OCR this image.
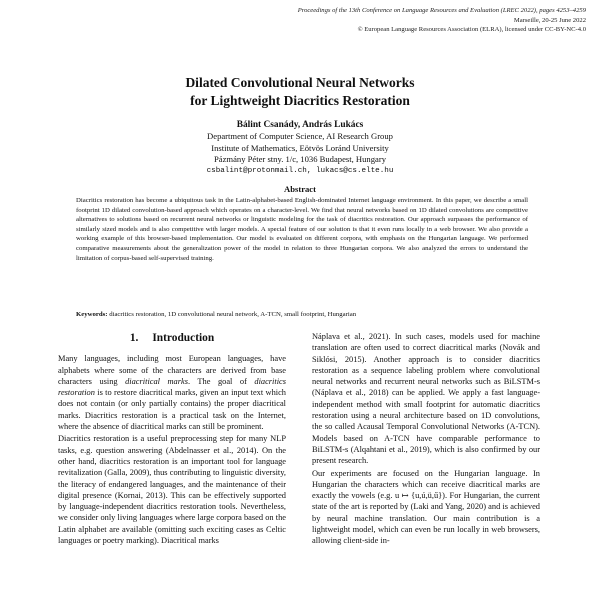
Proceedings of the 13th Conference on Language Resources and Evaluation (LREC 2022), pages 4253–4259
Marseille, 20-25 June 2022
© European Language Resources Association (ELRA), licensed under CC-BY-NC-4.0
Dilated Convolutional Neural Networks
for Lightweight Diacritics Restoration
Bálint Csanády, András Lukács
Department of Computer Science, AI Research Group
Institute of Mathematics, Eötvös Loránd University
Pázmány Péter stny. 1/c, 1036 Budapest, Hungary
csbalint@protonmail.ch, lukacs@cs.elte.hu
Abstract
Diacritics restoration has become a ubiquitous task in the Latin-alphabet-based English-dominated Internet language environment. In this paper, we describe a small footprint 1D dilated convolution-based approach which operates on a character-level. We find that neural networks based on 1D dilated convolutions are competitive alternatives to solutions based on recurrent neural networks or linguistic modeling for the task of diacritics restoration. Our approach surpasses the performance of similarly sized models and is also competitive with larger models. A special feature of our solution is that it even runs locally in a web browser. We also provide a working example of this browser-based implementation. Our model is evaluated on different corpora, with emphasis on the Hungarian language. We performed comparative measurements about the generalization power of the model in relation to three Hungarian corpora. We also analyzed the errors to understand the limitation of corpus-based self-supervised training.
Keywords: diacritics restoration, 1D convolutional neural network, A-TCN, small footprint, Hungarian
1. Introduction

Many languages, including most European languages, have alphabets where some of the characters are derived from base characters using diacritical marks. The goal of diacritics restoration is to restore diacritical marks, given an input text which does not contain (or only partially contains) the proper diacritical marks. Diacritics restoration is a practical task on the Internet, where the absence of diacritical marks can still be prominent.

Diacritics restoration is a useful preprocessing step for many NLP tasks, e.g. question answering (Abdelnasser et al., 2014). On the other hand, diacritics restoration is an important tool for language revitalization (Galla, 2009), thus contributing to linguistic diversity, the literacy of endangered languages, and the maintenance of their digital presence (Kornai, 2013). This can be effectively supported by language-independent diacritics restoration tools. Nevertheless, we consider only living languages where large corpora based on the Latin alphabet are available (omitting such exciting cases as Celtic languages or poetry marking). Diacritical marks

Náplava et al., 2021). In such cases, models used for machine translation are often used to correct diacritical marks (Novák and Siklósi, 2015). Another approach is to consider diacritics restoration as a sequence labeling problem where convolutional neural networks and recurrent neural networks such as BiLSTM-s (Náplava et al., 2018) can be applied. We apply a fast language-independent method with small footprint for automatic diacritics restoration using a neural architecture based on 1D convolutions, the so called Acausal Temporal Convolutional Networks (A-TCN). Models based on A-TCN have comparable performance to BiLSTM-s (Alqahtani et al., 2019), which is also confirmed by our present research.

Our experiments are focused on the Hungarian language. In Hungarian the characters which can receive diacritical marks are exactly the vowels (e.g. u ↦ {u,ú,ü,ű}). For Hungarian, the current state of the art is reported by (Laki and Yang, 2020) and is achieved by neural machine translation. Our main contribution is a lightweight model, which can even be run locally in web browsers, allowing client-side in-
